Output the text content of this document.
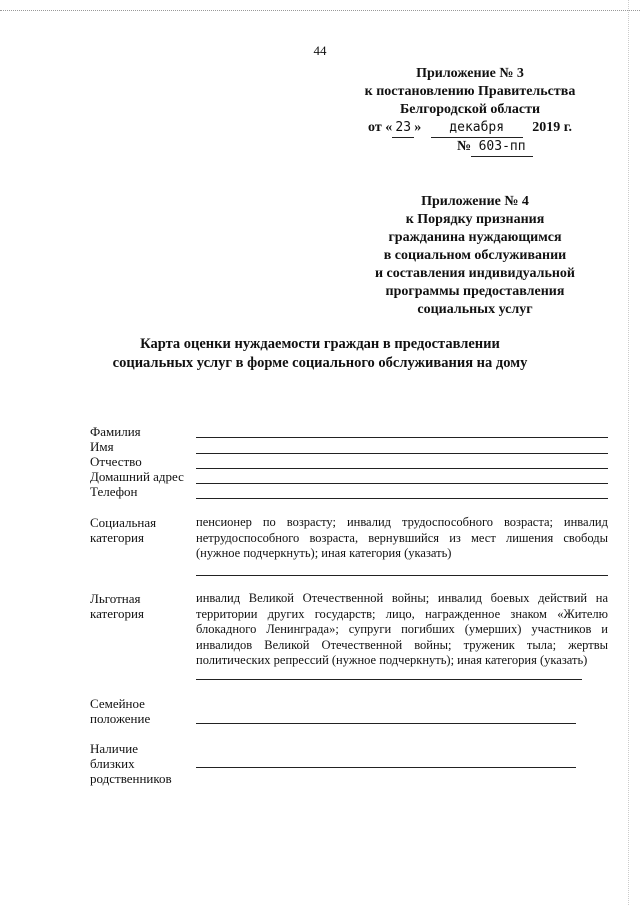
44
Приложение № 3
к постановлению Правительства
Белгородской области
от « 23 » декабря 2019 г.
№ 603-пп
Приложение № 4
к Порядку признания
гражданина нуждающимся
в социальном обслуживании
и составления индивидуальной
программы предоставления
социальных услуг
Карта оценки нуждаемости граждан в предоставлении
социальных услуг в форме социального обслуживания на дому
Фамилия
Имя
Отчество
Домашний адрес
Телефон
Социальная
категория
пенсионер по возрасту; инвалид трудоспособного возраста; инвалид нетрудоспособного возраста, вернувшийся из мест лишения свободы (нужное подчеркнуть); иная категория (указать)
Льготная
категория
инвалид Великой Отечественной войны; инвалид боевых действий на территории других государств; лицо, награжденное знаком «Жителю блокадного Ленинграда»; супруги погибших (умерших) участников и инвалидов Великой Отечественной войны; труженик тыла; жертвы политических репрессий (нужное подчеркнуть); иная категория (указать)
Семейное
положение
Наличие
близких
родственников
